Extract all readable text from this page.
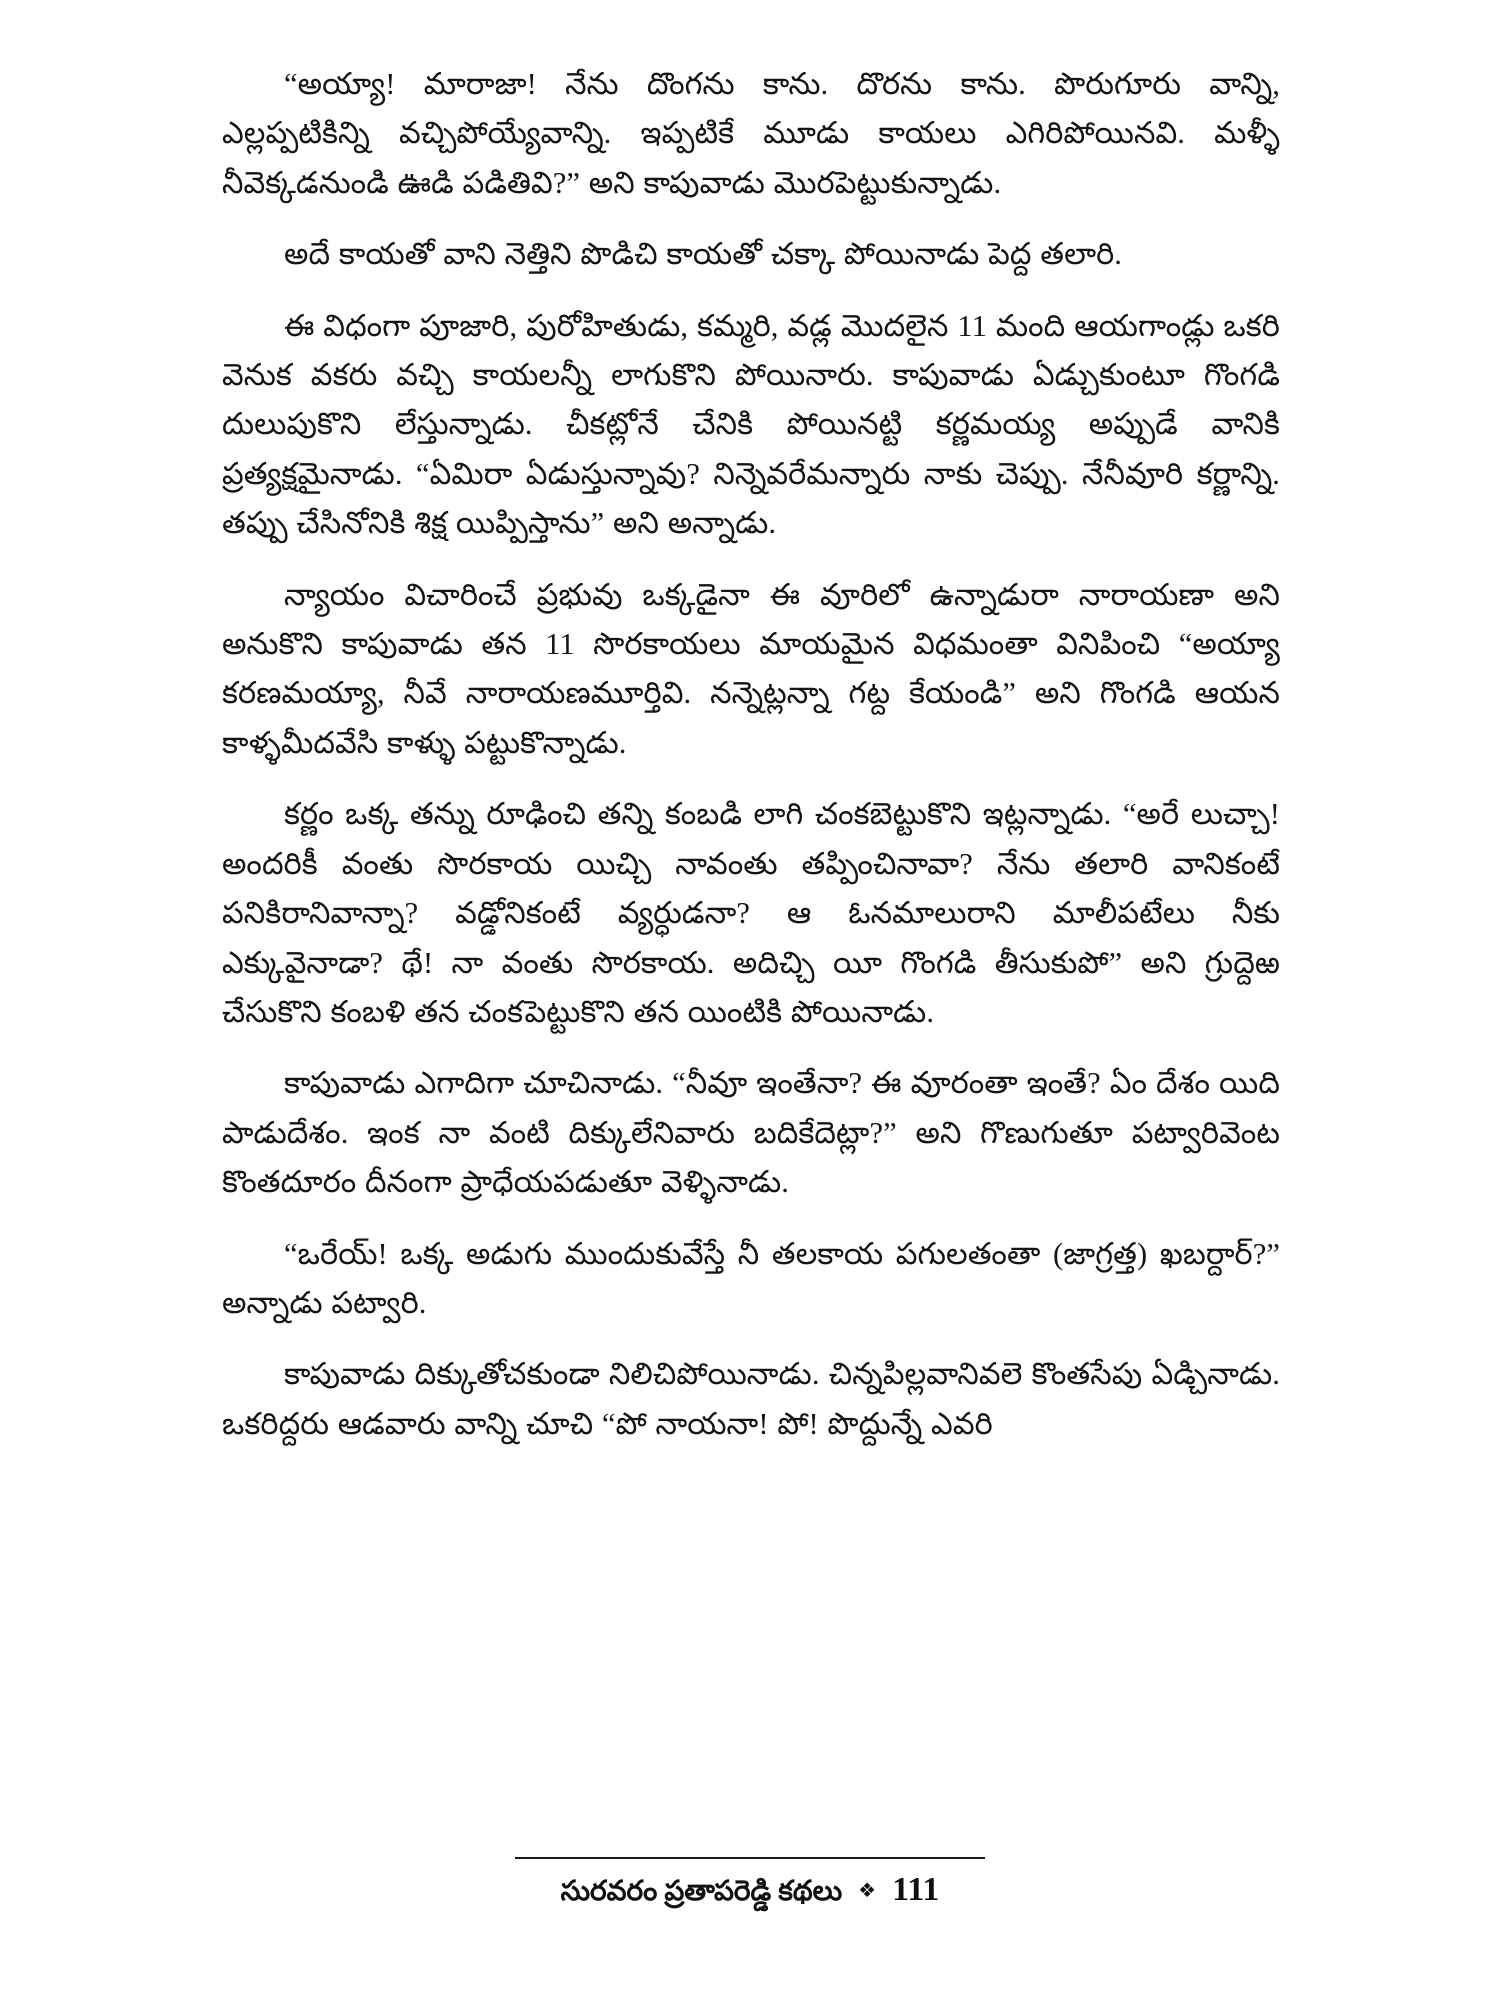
“అయ్యా! మారాజా! నేను దొంగను కాను. దొరను కాను. పొరుగూరు వాన్ని, ఎల్లప్పటికిన్ని వచ్చిపోయ్యేవాన్ని. ఇప్పటికే మూడు కాయలు ఎగిరిపోయినవి. మళ్ళీ నీవెక్కడనుండి ఊడి పడితివి?” అని కాపువాడు మొరపెట్టుకున్నాడు.

అదే కాయతో వాని నెత్తిని పొడిచి కాయతో చక్కా పోయినాడు పెద్ద తలారి.

ఈ విధంగా పూజారి, పురోహితుడు, కమ్మరి, వడ్ల మొదలైన 11 మంది ఆయగాండ్లు ఒకరి వెనుక వకరు వచ్చి కాయలన్నీ లాగుకొని పోయినారు. కాపువాడు ఏడ్చుకుంటూ గొంగడి దులుపుకొని లేస్తున్నాడు. చీకట్లోనే చేనికి పోయినట్టి కర్ణమయ్య అప్పుడే వానికి ప్రత్యక్షమైనాడు. “ఏమిరా ఏడుస్తున్నావు? నిన్నెవరేమన్నారు నాకు చెప్పు. నేనీవూరి కర్ణాన్ని. తప్పు చేసినోనికి శిక్ష యిప్పిస్తాను” అని అన్నాడు.

న్యాయం విచారించే ప్రభువు ఒక్కడైనా ఈ వూరిలో ఉన్నాడురా నారాయణా అని అనుకొని కాపువాడు తన 11 సొరకాయలు మాయమైన విధమంతా వినిపించి “అయ్యా కరణమయ్యా, నీవే నారాయణమూర్తివి. నన్నెట్లన్నా గట్ద కేయండి” అని గొంగడి ఆయన కాళ్ళమీదవేసి కాళ్ళు పట్టుకొన్నాడు.

కర్ణం ఒక్క తన్ను రూఢించి తన్ని కంబడి లాగి చంకబెట్టుకొని ఇట్లన్నాడు. “అరే లుచ్చా! అందరికీ వంతు సొరకాయ యిచ్చి నావంతు తప్పించినావా? నేను తలారి వానికంటే పనికిరానివాన్నా? వడ్డోనికంటే వ్యర్ధుడనా? ఆ ఓనమాలురాని మాలీపటేలు నీకు ఎక్కువైనాడా? థే! నా వంతు సొరకాయ. అదిచ్చి యీ గొంగడి తీసుకుపో” అని గ్రుద్దెఱ చేసుకొని కంబళి తన చంకపెట్టుకొని తన యింటికి పోయినాడు.

కాపువాడు ఎగాదిగా చూచినాడు. “నీవూ ఇంతేనా? ఈ వూరంతా ఇంతే? ఏం దేశం యిది పాడుదేశం. ఇంక నా వంటి దిక్కులేనివారు బదికేదెట్లా?” అని గొణుగుతూ పట్వారివెంట కొంతదూరం దీనంగా ప్రాధేయపడుతూ వెళ్ళినాడు.

“ఒరేయ్! ఒక్క అడుగు ముందుకువేస్తే నీ తలకాయ పగులతంతా (జాగ్రత్త) ఖబర్దార్?” అన్నాడు పట్వారి.

కాపువాడు దిక్కుతోచకుండా నిలిచిపోయినాడు. చిన్నపిల్లవానివలె కొంతసేపు ఏడ్చినాడు. ఒకరిద్దరు ఆడవారు వాన్ని చూచి “పో నాయనా! పో! పొద్దున్నే ఎవరి

సురవరం ప్రతాపరెడ్డి కథలు ❖ 111
